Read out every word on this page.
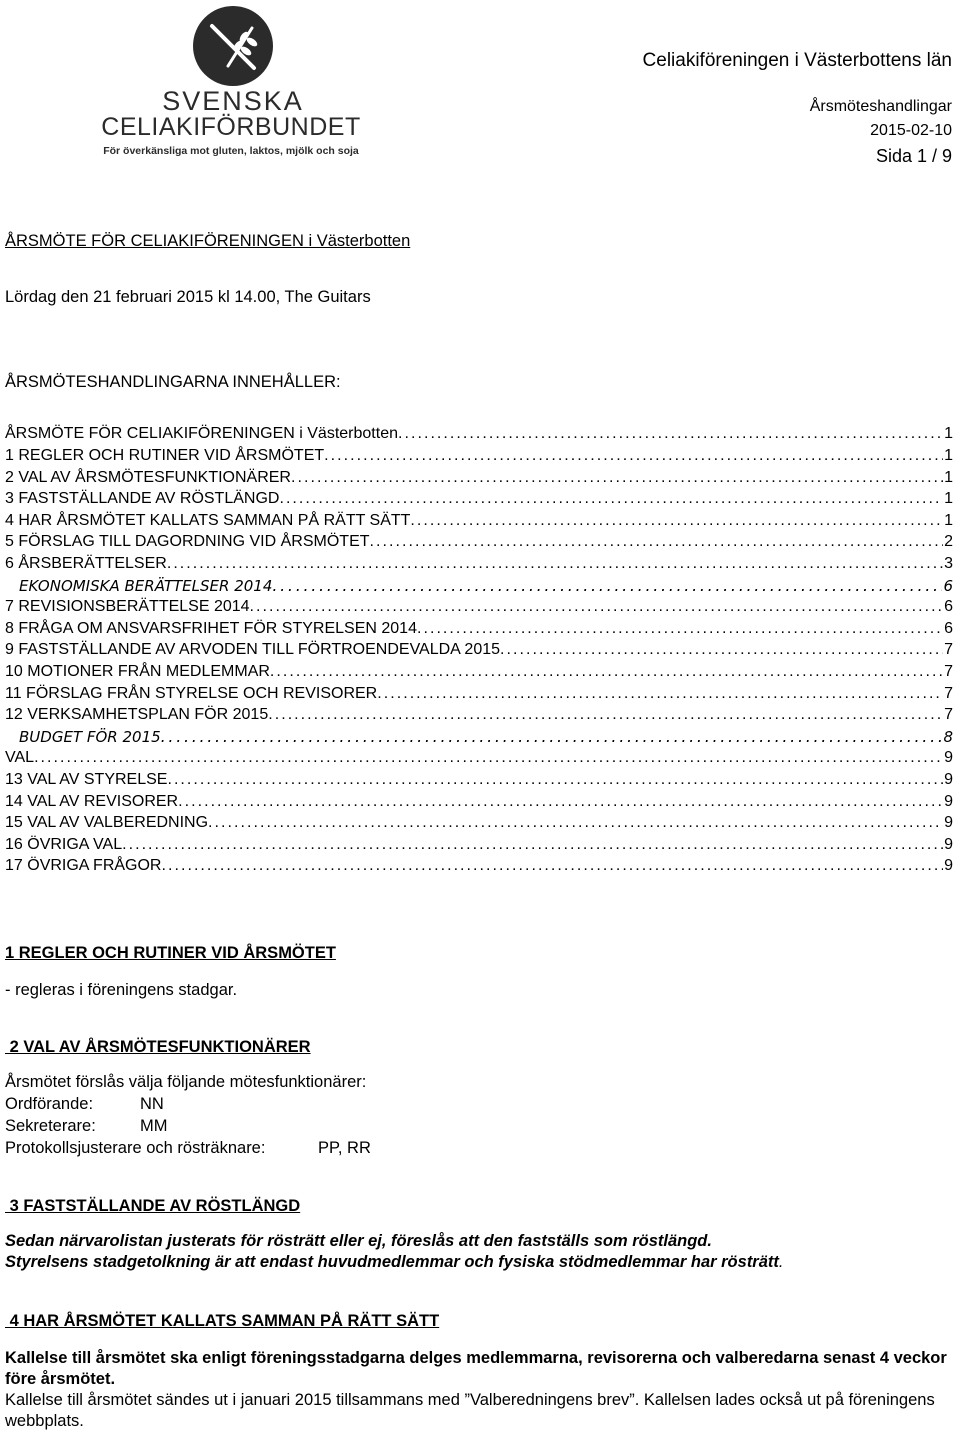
SVENSKA
CELIAKIFÖRBUNDET
För överkänsliga mot gluten, laktos, mjölk och soja
Celiakiföreningen i Västerbottens län
Årsmöteshandlingar
2015-02-10
Sida 1 / 9
ÅRSMÖTE FÖR CELIAKIFÖRENINGEN i Västerbotten
Lördag den 21 februari 2015 kl 14.00, The Guitars
ÅRSMÖTESHANDLINGARNA INNEHÅLLER:
ÅRSMÖTE FÖR CELIAKIFÖRENINGEN i Västerbotten . . .	1
1 REGLER OCH RUTINER VID ÅRSMÖTET . . .	1
2 VAL AV ÅRSMÖTESFUNKTIONÄRER . . .	1
3 FASTSTÄLLANDE AV RÖSTLÄNGD . . .	1
4 HAR ÅRSMÖTET KALLATS SAMMAN PÅ RÄTT SÄTT . . .	1
5 FÖRSLAG TILL DAGORDNING VID ÅRSMÖTET . . .	2
6 ÅRSBERÄTTELSER . . .	3
EKONOMISKA BERÄTTELSER 2014 . . .	6
7 REVISIONSBERÄTTELSE 2014 . . .	6
8 FRÅGA OM ANSVARSFRIHET FÖR STYRELSEN 2014 . . .	6
9 FASTSTÄLLANDE AV ARVODEN TILL FÖRTROENDEVALDA 2015 . . .	7
10 MOTIONER FRÅN MEDLEMMAR . . .	7
11 FÖRSLAG FRÅN STYRELSE OCH REVISORER . . .	7
12 VERKSAMHETSPLAN FÖR 2015 . . .	7
BUDGET FÖR 2015 . . .	8
VAL . . .	9
13 VAL AV STYRELSE . . .	9
14 VAL AV REVISORER . . .	9
15 VAL AV VALBEREDNING . . .	9
16 ÖVRIGA VAL . . .	9
17 ÖVRIGA FRÅGOR . . .	9
1 REGLER OCH RUTINER VID ÅRSMÖTET
- regleras i föreningens stadgar.
2 VAL AV ÅRSMÖTESFUNKTIONÄRER
Årsmötet förslås välja följande mötesfunktionärer:
Ordförande:	NN
Sekreterare:	MM
Protokollsjusterare och rösträknare:	PP, RR
3 FASTSTÄLLANDE AV RÖSTLÄNGD
Sedan närvarolistan justerats för rösträtt eller ej, föreslås att den fastställs som röstlängd.
Styrelsens stadgetolkning är att endast huvudmedlemmar och fysiska stödmedlemmar har rösträtt.
4 HAR ÅRSMÖTET KALLATS SAMMAN PÅ RÄTT SÄTT
Kallelse till årsmötet ska enligt föreningsstadgarna delges medlemmarna, revisorerna och valberedarna senast 4 veckor före årsmötet.
Kallelse till årsmötet sändes ut i januari 2015 tillsammans med ”Valberedningens brev”. Kallelsen lades också ut på föreningens webbplats.
